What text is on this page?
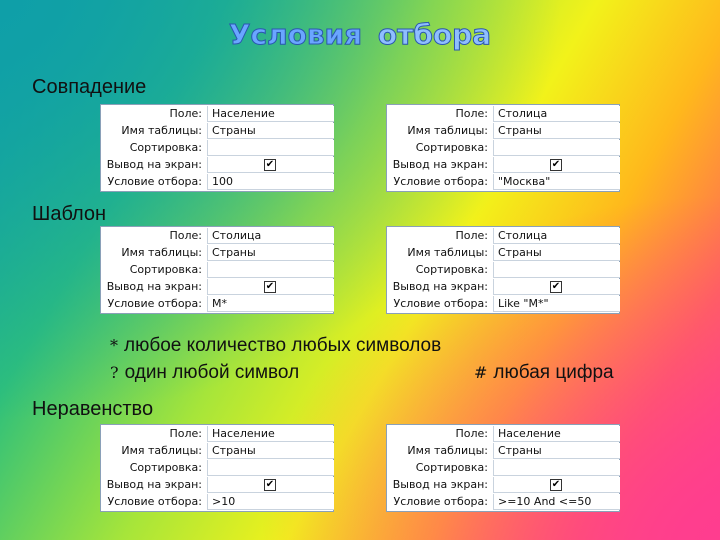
Условия отбора
Совпадение
Шаблон
Неравенство
Поле: Население
Имя таблицы: Страны
Сортировка:
Вывод на экран:	✔
Условие отбора: 100
Поле: Столица
Имя таблицы: Страны
Сортировка:
Вывод на экран:	✔
Условие отбора: "Москва"
Поле: Столица
Имя таблицы: Страны
Сортировка:
Вывод на экран:	✔
Условие отбора: М*
Поле: Столица
Имя таблицы: Страны
Сортировка:
Вывод на экран:	✔
Условие отбора: Like "М*"
Поле: Население
Имя таблицы: Страны
Сортировка:
Вывод на экран:	✔
Условие отбора: >10
Поле: Население
Имя таблицы: Страны
Сортировка:
Вывод на экран:	✔
Условие отбора: >=10 And <=50
* любое количество любых символов
? один любой символ	# любая цифра
